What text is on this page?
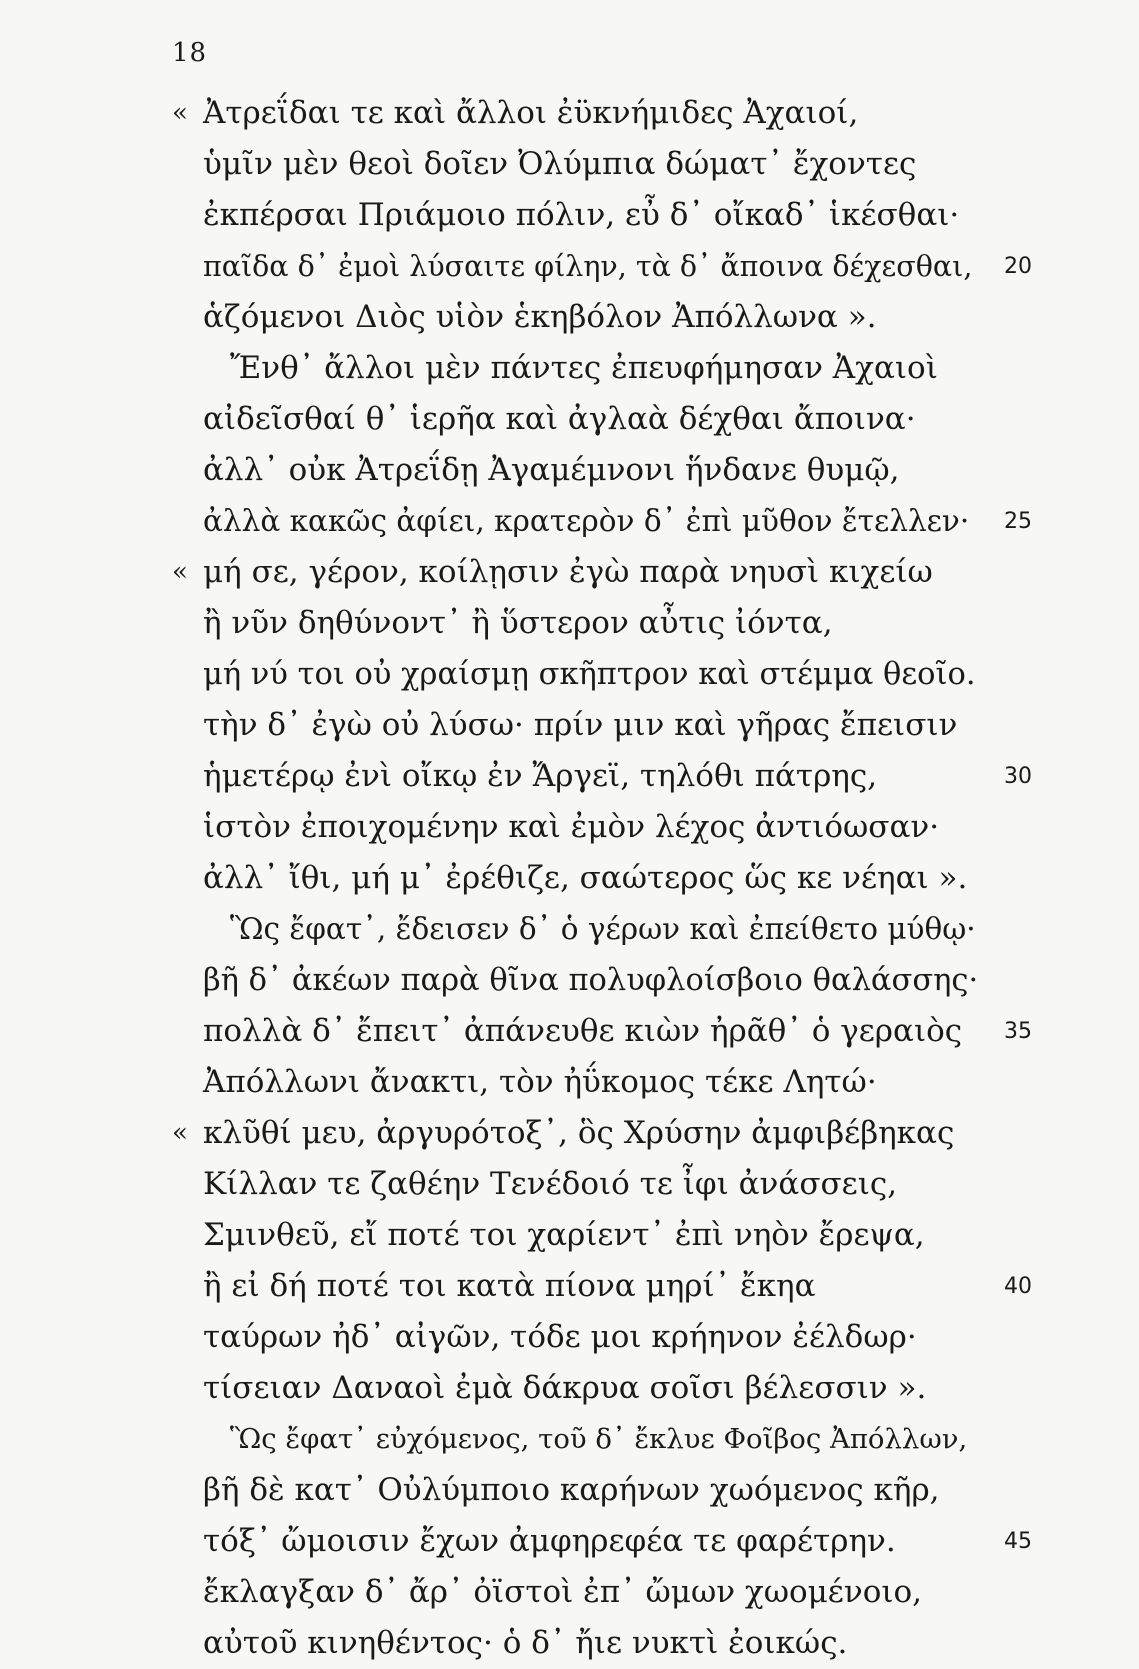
18
« Ἀτρεΐδαι τε καὶ ἄλλοι ἐϋκνήμιδες Ἀχαιοί,
ὑμῖν μὲν θεοὶ δοῖεν Ὀλύμπια δώματ᾽ ἔχοντες
ἐκπέρσαι Πριάμοιο πόλιν, εὖ δ᾽ οἴκαδ᾽ ἱκέσθαι·
παῖδα δ᾽ ἐμοὶ λύσαιτε φίλην, τὰ δ᾽ ἄποινα δέχεσθαι, 20
ἁζόμενοι Διὸς υἱὸν ἑκηβόλον Ἀπόλλωνα ».
Ἔνθ᾽ ἄλλοι μὲν πάντες ἐπευφήμησαν Ἀχαιοὶ
αἰδεῖσθαί θ᾽ ἱερῆα καὶ ἀγλαὰ δέχθαι ἄποινα·
ἀλλ᾽ οὐκ Ἀτρεΐδῃ Ἀγαμέμνονι ἥνδανε θυμῷ,
ἀλλὰ κακῶς ἀφίει, κρατερὸν δ᾽ ἐπὶ μῦθον ἔτελλεν· 25
« μή σε, γέρον, κοίλῃσιν ἐγὼ παρὰ νηυσὶ κιχείω
ἢ νῦν δηθύνοντ᾽ ἢ ὕστερον αὖτις ἰόντα,
μή νύ τοι οὐ χραίσμῃ σκῆπτρον καὶ στέμμα θεοῖο.
τὴν δ᾽ ἐγὼ οὐ λύσω· πρίν μιν καὶ γῆρας ἔπεισιν
ἡμετέρῳ ἐνὶ οἴκῳ ἐν Ἄργεϊ, τηλόθι πάτρης,	30
ἱστὸν ἐποιχομένην καὶ ἐμὸν λέχος ἀντιόωσαν·
ἀλλ᾽ ἴθι, μή μ᾽ ἐρέθιζε, σαώτερος ὥς κε νέηαι ».
Ὣς ἔφατ᾽, ἔδεισεν δ᾽ ὁ γέρων καὶ ἐπείθετο μύθῳ·
βῆ δ᾽ ἀκέων παρὰ θῖνα πολυφλοίσβοιο θαλάσσης·
πολλὰ δ᾽ ἔπειτ᾽ ἀπάνευθε κιὼν ἠρᾶθ᾽ ὁ γεραιὸς 35
Ἀπόλλωνι ἄνακτι, τὸν ἠΰκομος τέκε Λητώ·
« κλῦθί μευ, ἀργυρότοξ᾽, ὃς Χρύσην ἀμφιβέβηκας
Κίλλαν τε ζαθέην Τενέδοιό τε ἶφι ἀνάσσεις,
Σμινθεῦ, εἴ ποτέ τοι χαρίεντ᾽ ἐπὶ νηὸν ἔρεψα,
ἢ εἰ δή ποτέ τοι κατὰ πίονα μηρί᾽ ἔκηα	40
ταύρων ἠδ᾽ αἰγῶν, τόδε μοι κρήηνον ἐέλδωρ·
τίσειαν Δαναοὶ ἐμὰ δάκρυα σοῖσι βέλεσσιν ».
Ὣς ἔφατ᾽ εὐχόμενος, τοῦ δ᾽ ἔκλυε Φοῖβος Ἀπόλλων,
βῆ δὲ κατ᾽ Οὐλύμποιο καρήνων χωόμενος κῆρ,
τόξ᾽ ὤμοισιν ἔχων ἀμφηρεφέα τε φαρέτρην.	45
ἔκλαγξαν δ᾽ ἄρ᾽ ὀϊστοὶ ἐπ᾽ ὤμων χωομένοιο,
αὐτοῦ κινηθέντος· ὁ δ᾽ ἤιε νυκτὶ ἐοικώς.
